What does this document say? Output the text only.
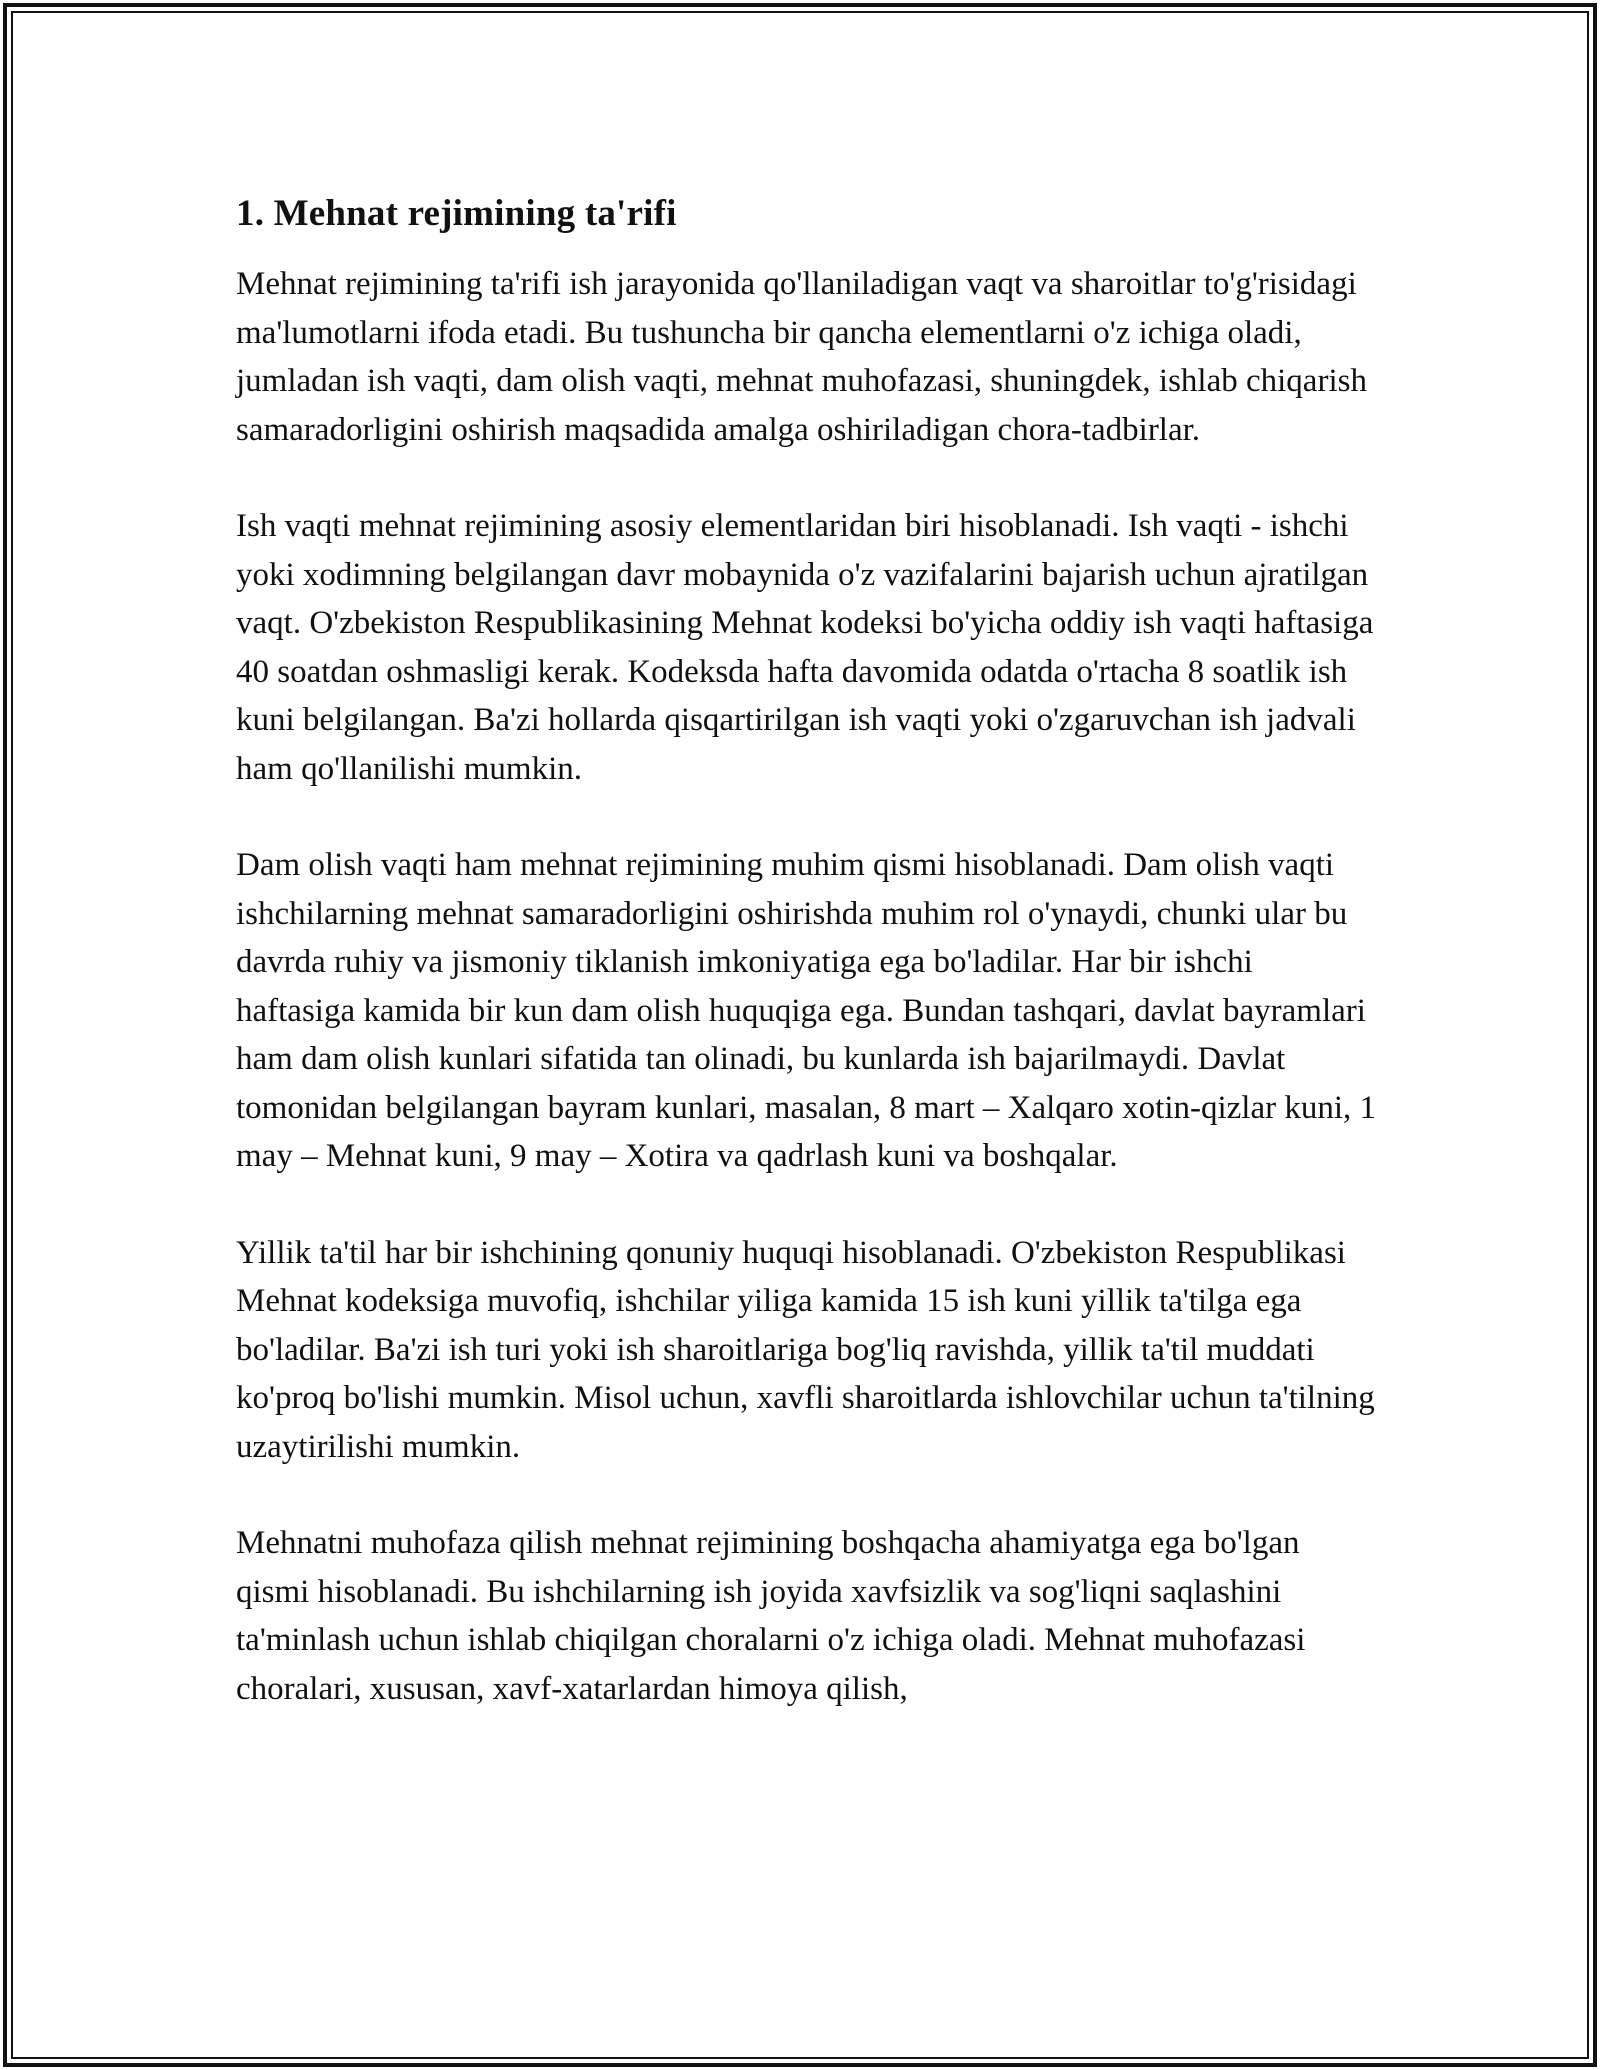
1. Mehnat rejimining ta'rifi

Mehnat rejimining ta'rifi ish jarayonida qo'llaniladigan vaqt va sharoitlar to'g'risidagi ma'lumotlarni ifoda etadi. Bu tushuncha bir qancha elementlarni o'z ichiga oladi, jumladan ish vaqti, dam olish vaqti, mehnat muhofazasi, shuningdek, ishlab chiqarish samaradorligini oshirish maqsadida amalga oshiriladigan chora-tadbirlar.

Ish vaqti mehnat rejimining asosiy elementlaridan biri hisoblanadi. Ish vaqti - ishchi yoki xodimning belgilangan davr mobaynida o'z vazifalarini bajarish uchun ajratilgan vaqt. O'zbekiston Respublikasining Mehnat kodeksi bo'yicha oddiy ish vaqti haftasiga 40 soatdan oshmasligi kerak. Kodeksda hafta davomida odatda o'rtacha 8 soatlik ish kuni belgilangan. Ba'zi hollarda qisqartirilgan ish vaqti yoki o'zgaruvchan ish jadvali ham qo'llanilishi mumkin.

Dam olish vaqti ham mehnat rejimining muhim qismi hisoblanadi. Dam olish vaqti ishchilarning mehnat samaradorligini oshirishda muhim rol o'ynaydi, chunki ular bu davrda ruhiy va jismoniy tiklanish imkoniyatiga ega bo'ladilar. Har bir ishchi haftasiga kamida bir kun dam olish huquqiga ega. Bundan tashqari, davlat bayramlari ham dam olish kunlari sifatida tan olinadi, bu kunlarda ish bajarilmaydi. Davlat tomonidan belgilangan bayram kunlari, masalan, 8 mart – Xalqaro xotin-qizlar kuni, 1 may – Mehnat kuni, 9 may – Xotira va qadrlash kuni va boshqalar.

Yillik ta'til har bir ishchining qonuniy huquqi hisoblanadi. O'zbekiston Respublikasi Mehnat kodeksiga muvofiq, ishchilar yiliga kamida 15 ish kuni yillik ta'tilga ega bo'ladilar. Ba'zi ish turi yoki ish sharoitlariga bog'liq ravishda, yillik ta'til muddati ko'proq bo'lishi mumkin. Misol uchun, xavfli sharoitlarda ishlovchilar uchun ta'tilning uzaytirilishi mumkin.

Mehnatni muhofaza qilish mehnat rejimining boshqacha ahamiyatga ega bo'lgan qismi hisoblanadi. Bu ishchilarning ish joyida xavfsizlik va sog'liqni saqlashini ta'minlash uchun ishlab chiqilgan choralarni o'z ichiga oladi. Mehnat muhofazasi choralari, xususan, xavf-xatarlardan himoya qilish,
